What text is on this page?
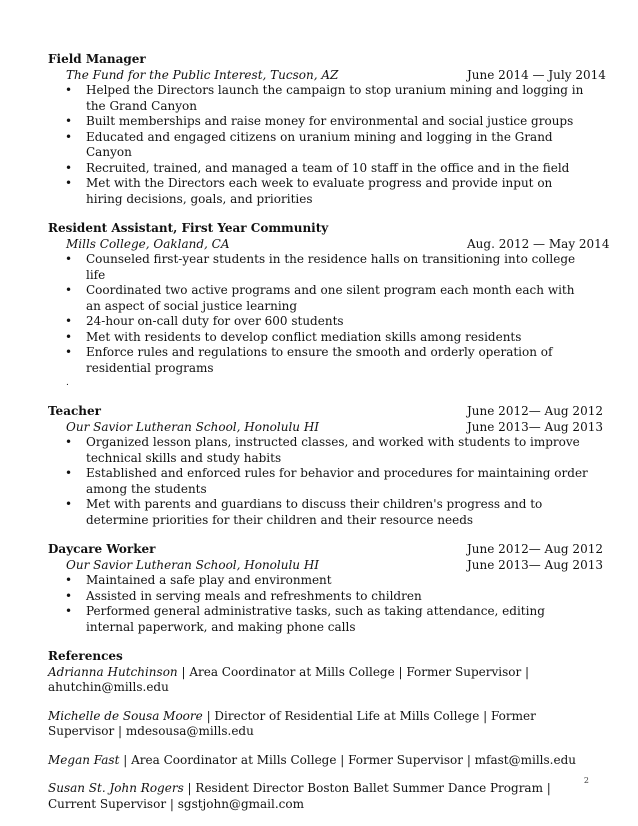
Field Manager
The Fund for the Public Interest, Tucson, AZ	June 2014 — July 2014
• Helped the Directors launch the campaign to stop uranium mining and logging in the Grand Canyon
• Built memberships and raise money for environmental and social justice groups
• Educated and engaged citizens on uranium mining and logging in the Grand Canyon
• Recruited, trained, and managed a team of 10 staff in the office and in the field
• Met with the Directors each week to evaluate progress and provide input on hiring decisions, goals, and priorities
Resident Assistant, First Year Community
Mills College, Oakland, CA	Aug. 2012 — May 2014
• Counseled first-year students in the residence halls on transitioning into college life
• Coordinated two active programs and one silent program each month each with an aspect of social justice learning
• 24-hour on-call duty for over 600 students
• Met with residents to develop conflict mediation skills among residents
• Enforce rules and regulations to ensure the smooth and orderly operation of residential programs
.
Teacher	June 2012— Aug 2012
Our Savior Lutheran School, Honolulu HI	June 2013— Aug 2013
• Organized lesson plans, instructed classes, and worked with students to improve technical skills and study habits
• Established and enforced rules for behavior and procedures for maintaining order among the students
• Met with parents and guardians to discuss their children's progress and to determine priorities for their children and their resource needs
Daycare Worker	June 2012— Aug 2012
Our Savior Lutheran School, Honolulu HI	June 2013— Aug 2013
• Maintained a safe play and environment
• Assisted in serving meals and refreshments to children
• Performed general administrative tasks, such as taking attendance, editing internal paperwork, and making phone calls
References
Adrianna Hutchinson | Area Coordinator at Mills College | Former Supervisor | ahutchin@mills.edu
Michelle de Sousa Moore | Director of Residential Life at Mills College | Former Supervisor | mdesousa@mills.edu
Megan Fast | Area Coordinator at Mills College | Former Supervisor | mfast@mills.edu
Susan St. John Rogers | Resident Director Boston Ballet Summer Dance Program | Current Supervisor | sgstjohn@gmail.com
2
